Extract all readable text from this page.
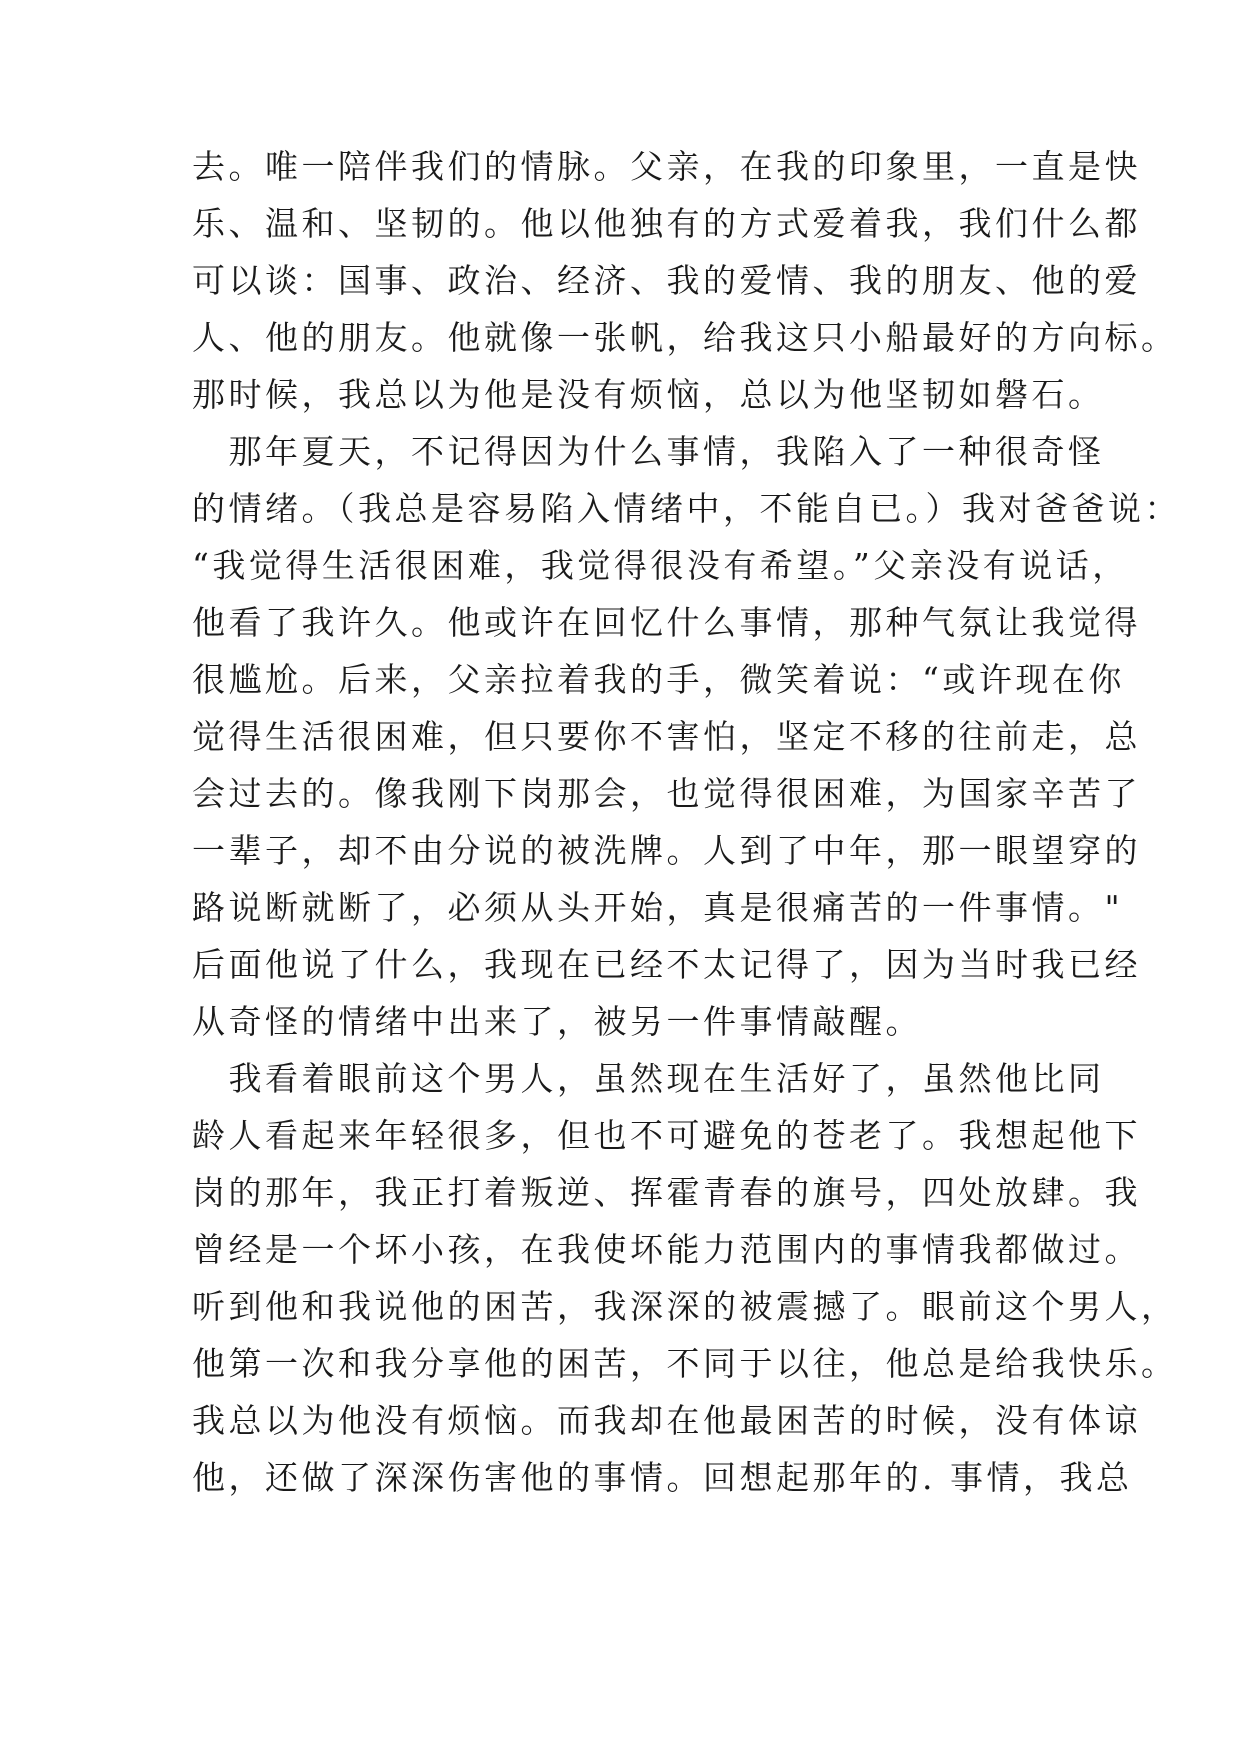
去。唯一陪伴我们的情脉。父亲，在我的印象里，一直是快
乐、温和、坚韧的。他以他独有的方式爱着我，我们什么都
可以谈：国事、政治、经济、我的爱情、我的朋友、他的爱
人、他的朋友。他就像一张帆，给我这只小船最好的方向标。
那时候，我总以为他是没有烦恼，总以为他坚韧如磐石。
　那年夏天，不记得因为什么事情，我陷入了一种很奇怪
的情绪。（我总是容易陷入情绪中，不能自已。）我对爸爸说：
“我觉得生活很困难，我觉得很没有希望。”父亲没有说话，
他看了我许久。他或许在回忆什么事情，那种气氛让我觉得
很尴尬。后来，父亲拉着我的手，微笑着说：“或许现在你
觉得生活很困难，但只要你不害怕，坚定不移的往前走，总
会过去的。像我刚下岗那会，也觉得很困难，为国家辛苦了
一辈子，却不由分说的被洗牌。人到了中年，那一眼望穿的
路说断就断了，必须从头开始，真是很痛苦的一件事情。"
后面他说了什么，我现在已经不太记得了，因为当时我已经
从奇怪的情绪中出来了，被另一件事情敲醒。
　我看着眼前这个男人，虽然现在生活好了，虽然他比同
龄人看起来年轻很多，但也不可避免的苍老了。我想起他下
岗的那年，我正打着叛逆、挥霍青春的旗号，四处放肆。我
曾经是一个坏小孩，在我使坏能力范围内的事情我都做过。
听到他和我说他的困苦，我深深的被震撼了。眼前这个男人，
他第一次和我分享他的困苦，不同于以往，他总是给我快乐。
我总以为他没有烦恼。而我却在他最困苦的时候，没有体谅
他，还做了深深伤害他的事情。回想起那年的. 事情，我总
